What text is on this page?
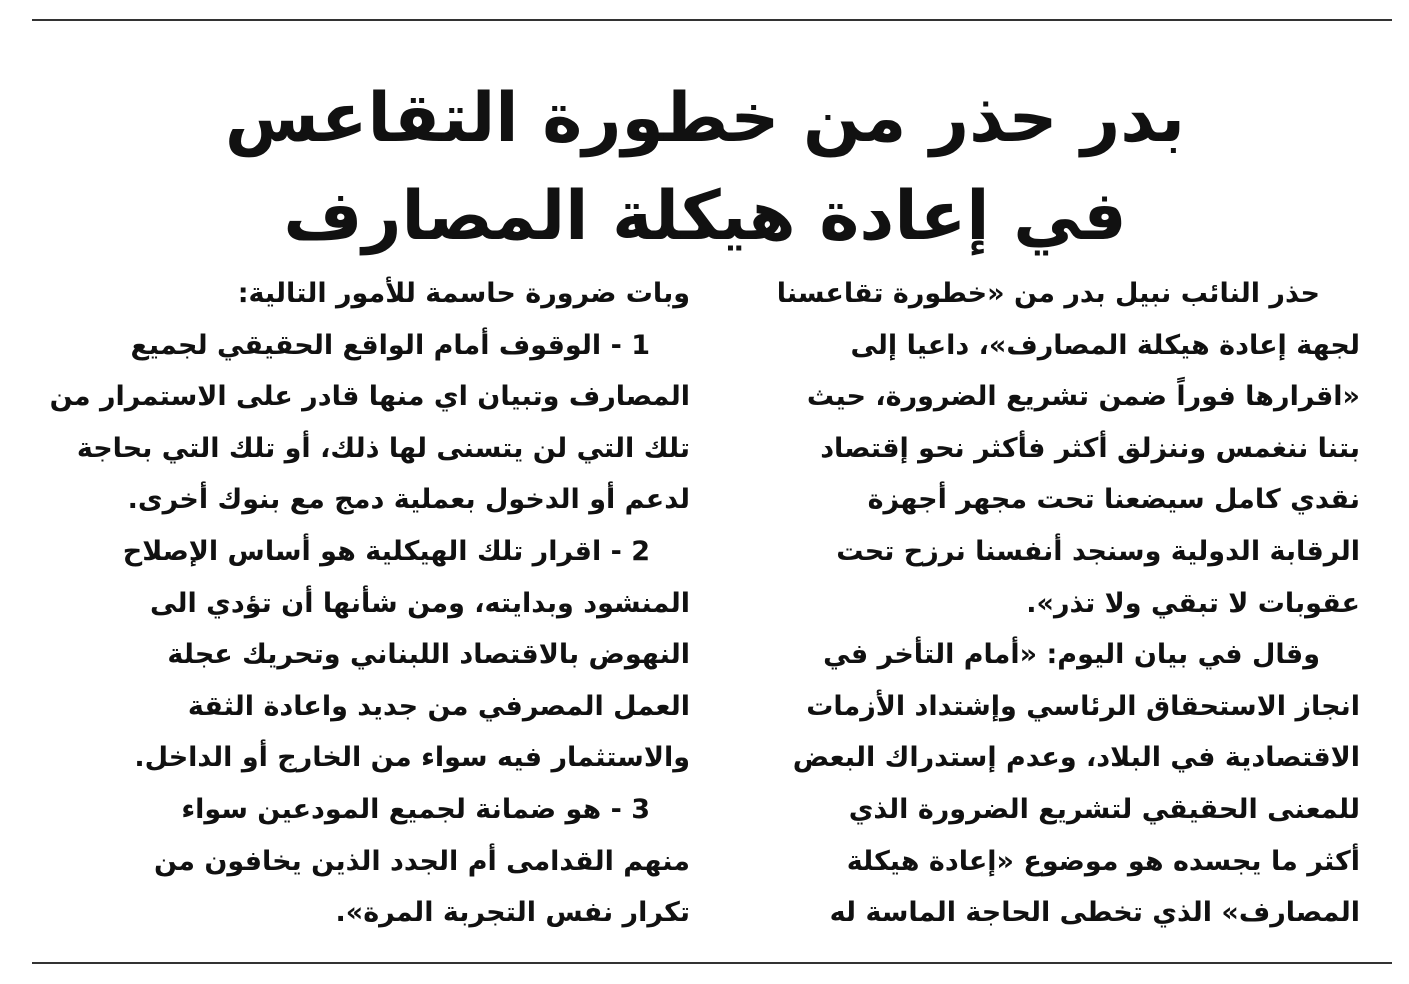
بدر حذر من خطورة التقاعس
في إعادة هيكلة المصارف
حذر النائب نبيل بدر من «خطورة تقاعسنا
لجهة إعادة هيكلة المصارف»، داعيا إلى
«اقرارها فوراً ضمن تشريع الضرورة، حيث
بتنا ننغمس وننزلق أكثر فأكثر نحو إقتصاد
نقدي كامل سيضعنا تحت مجهر أجهزة
الرقابة الدولية وسنجد أنفسنا نرزح تحت
عقوبات لا تبقي ولا تذر».
وقال في بيان اليوم: «أمام التأخر في
انجاز الاستحقاق الرئاسي وإشتداد الأزمات
الاقتصادية في البلاد، وعدم إستدراك البعض
للمعنى الحقيقي لتشريع الضرورة الذي
أكثر ما يجسده هو موضوع «إعادة هيكلة
المصارف» الذي تخطى الحاجة الماسة له
وبات ضرورة حاسمة للأمور التالية:
1 - الوقوف أمام الواقع الحقيقي لجميع
المصارف وتبيان اي منها قادر على الاستمرار من
تلك التي لن يتسنى لها ذلك، أو تلك التي بحاجة
لدعم أو الدخول بعملية دمج مع بنوك أخرى.
2 - اقرار تلك الهيكلية هو أساس الإصلاح
المنشود وبدايته، ومن شأنها أن تؤدي الى
النهوض بالاقتصاد اللبناني وتحريك عجلة
العمل المصرفي من جديد واعادة الثقة
والاستثمار فيه سواء من الخارج أو الداخل.
3 - هو ضمانة لجميع المودعين سواء
منهم القدامى أم الجدد الذين يخافون من
تكرار نفس التجربة المرة».
